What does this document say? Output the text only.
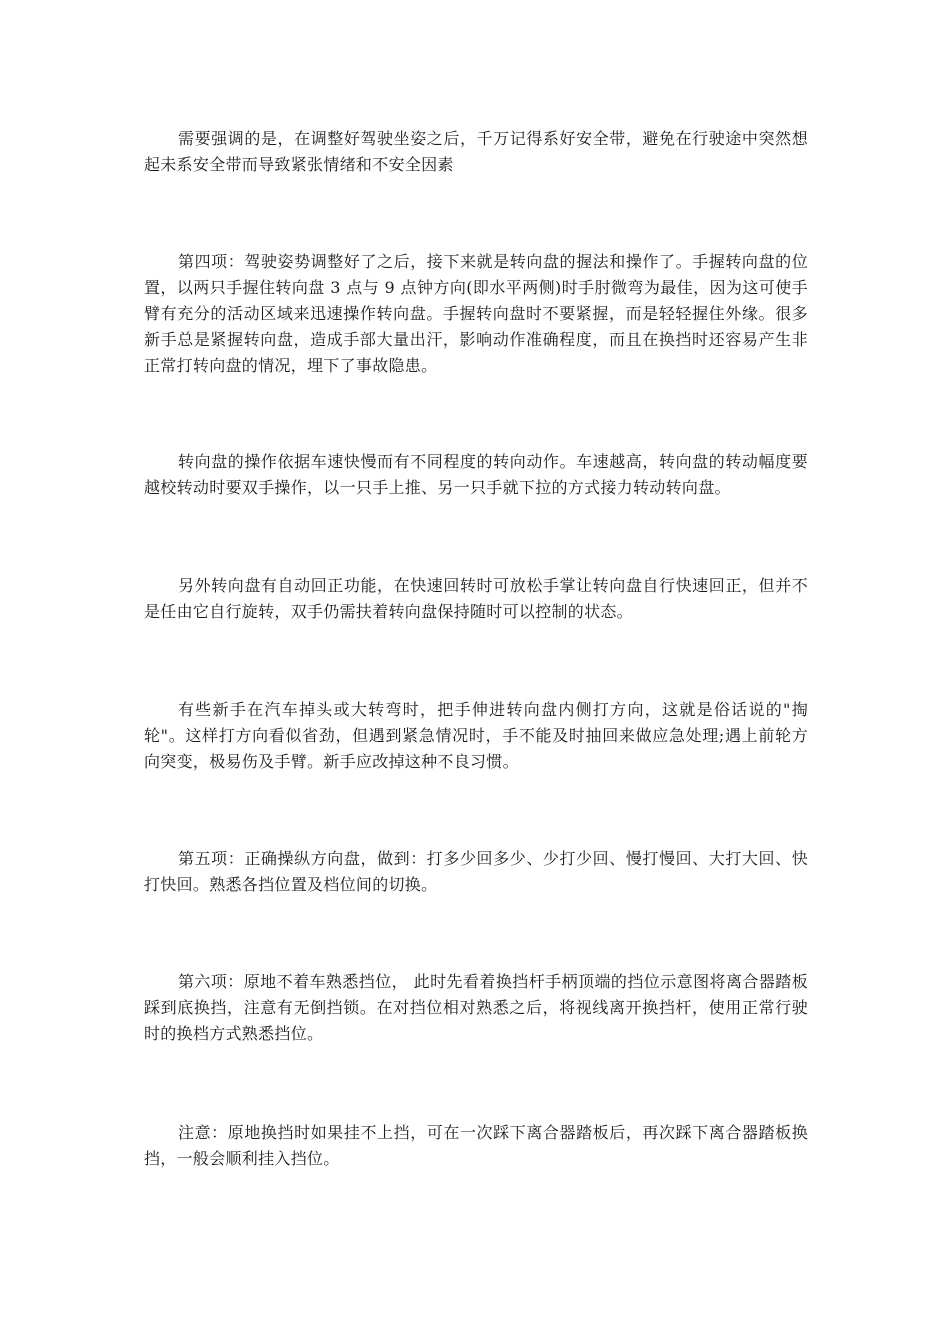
需要强调的是，在调整好驾驶坐姿之后，千万记得系好安全带，避免在行驶途中突然想起未系安全带而导致紧张情绪和不安全因素

第四项：驾驶姿势调整好了之后，接下来就是转向盘的握法和操作了。手握转向盘的位置，以两只手握住转向盘 3 点与 9 点钟方向(即水平两侧)时手肘微弯为最佳，因为这可使手臂有充分的活动区域来迅速操作转向盘。手握转向盘时不要紧握，而是轻轻握住外缘。很多新手总是紧握转向盘，造成手部大量出汗，影响动作准确程度，而且在换挡时还容易产生非正常打转向盘的情况，埋下了事故隐患。

转向盘的操作依据车速快慢而有不同程度的转向动作。车速越高，转向盘的转动幅度要越校转动时要双手操作，以一只手上推、另一只手就下拉的方式接力转动转向盘。

另外转向盘有自动回正功能，在快速回转时可放松手掌让转向盘自行快速回正，但并不是任由它自行旋转，双手仍需扶着转向盘保持随时可以控制的状态。

有些新手在汽车掉头或大转弯时，把手伸进转向盘内侧打方向，这就是俗话说的"掏轮"。这样打方向看似省劲，但遇到紧急情况时，手不能及时抽回来做应急处理;遇上前轮方向突变，极易伤及手臂。新手应改掉这种不良习惯。

第五项：正确操纵方向盘，做到：打多少回多少、少打少回、慢打慢回、大打大回、快打快回。熟悉各挡位置及档位间的切换。

第六项：原地不着车熟悉挡位， 此时先看着换挡杆手柄顶端的挡位示意图将离合器踏板踩到底换挡，注意有无倒挡锁。在对挡位相对熟悉之后，将视线离开换挡杆，使用正常行驶时的换档方式熟悉挡位。

注意：原地换挡时如果挂不上挡，可在一次踩下离合器踏板后，再次踩下离合器踏板换挡，一般会顺利挂入挡位。
